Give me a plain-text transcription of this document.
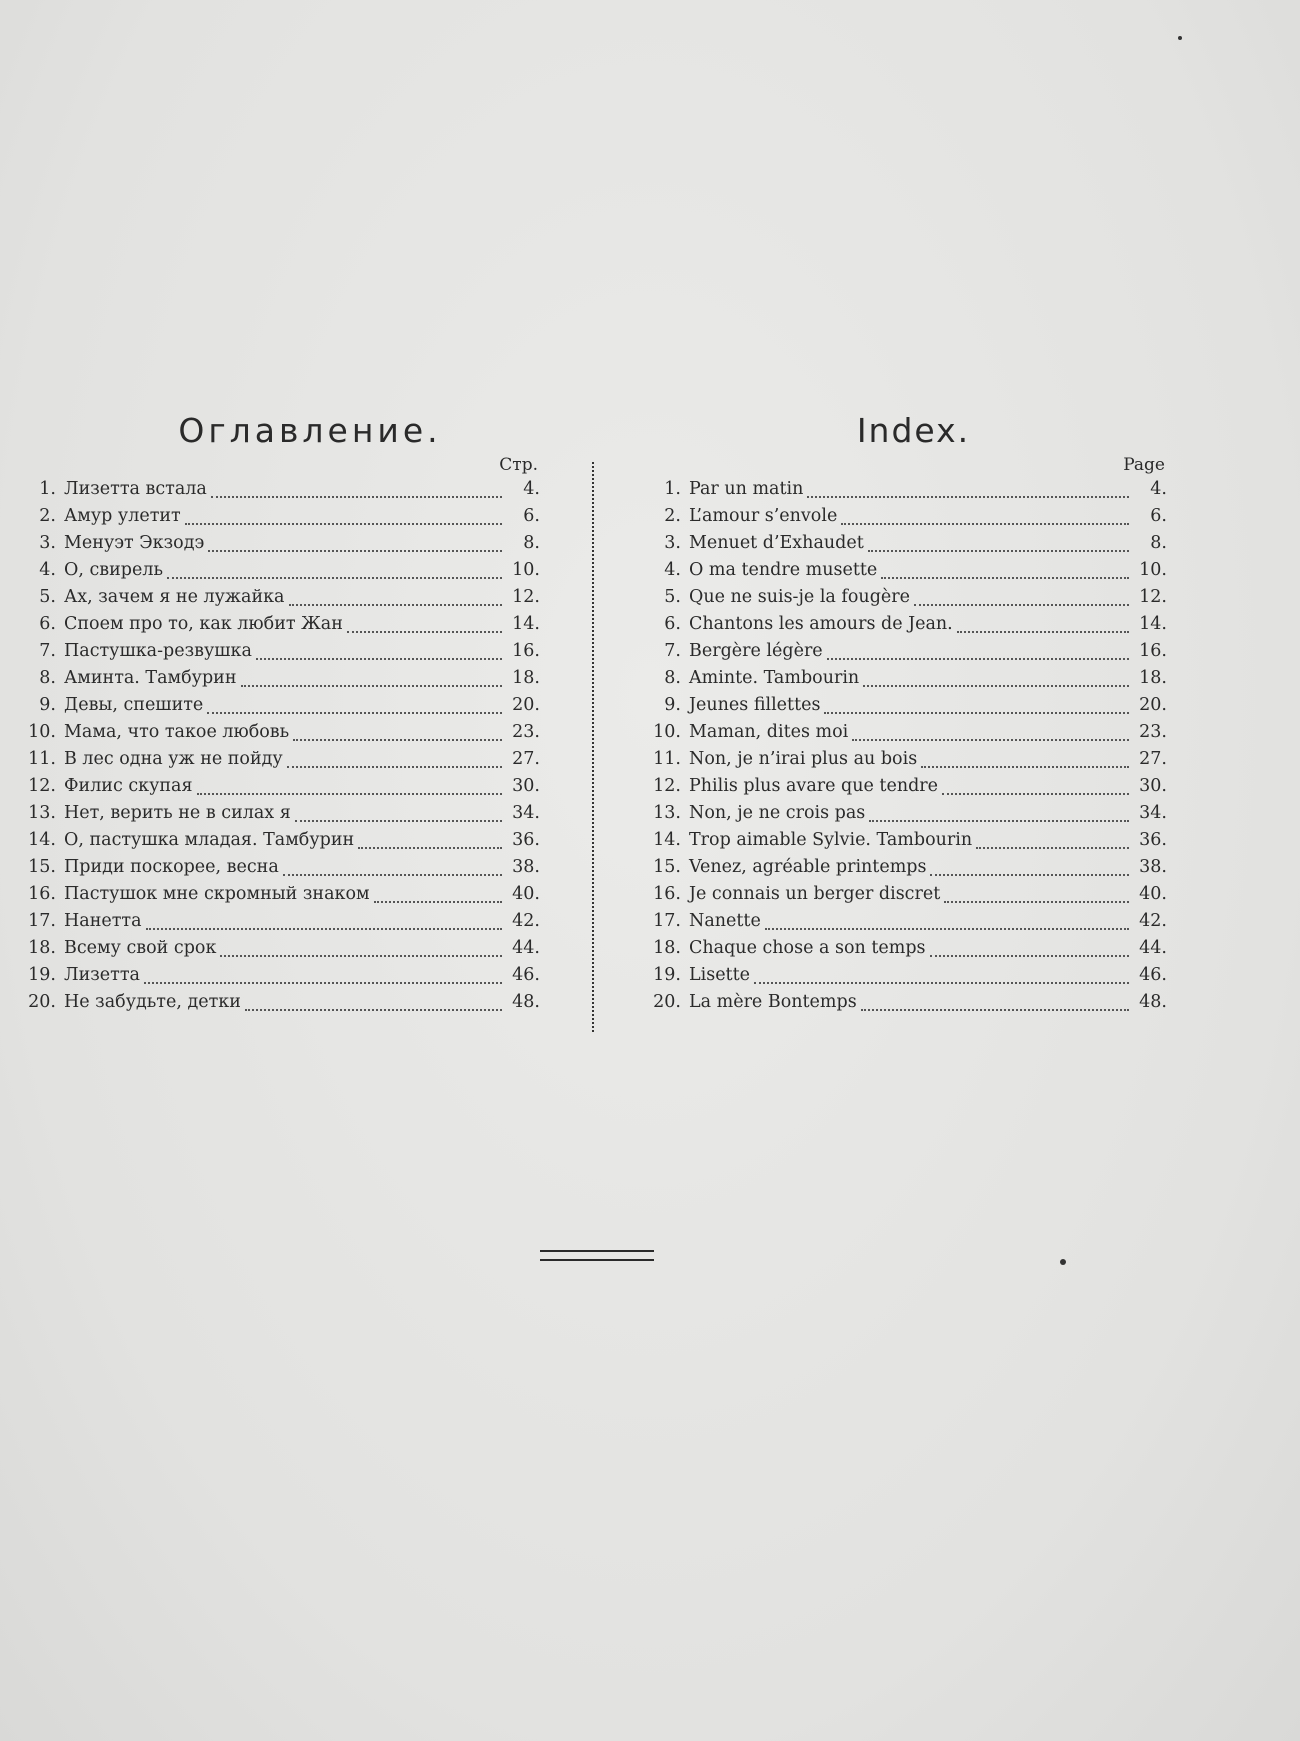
Оглавление.
Стр.
1. Лизетта встала	4.
2. Амур улетит	6.
3. Менуэт Экзодэ	8.
4. О, свирель	10.
5. Ах, зачем я не лужайка	12.
6. Споем про то, как любит Жан	14.
7. Пастушка-резвушка	16.
8. Аминта. Тамбурин	18.
9. Девы, спешите	20.
10. Мама, что такое любовь	23.
11. В лес одна уж не пойду	27.
12. Филис скупая	30.
13. Нет, верить не в силах я	34.
14. О, пастушка младая. Тамбурин	36.
15. Приди поскорее, весна	38.
16. Пастушок мне скромный знаком	40.
17. Нанетта	42.
18. Всему свой срок	44.
19. Лизетта	46.
20. Не забудьте, детки	48.
Index.
Page
1. Par un matin	4.
2. L’amour s’envole	6.
3. Menuet d’Exhaudet	8.
4. O ma tendre musette	10.
5. Que ne suis-je la fougère	12.
6. Chantons les amours de Jean.	14.
7. Bergère légère	16.
8. Aminte. Tambourin	18.
9. Jeunes fillettes	20.
10. Maman, dites moi	23.
11. Non, je n’irai plus au bois	27.
12. Philis plus avare que tendre	30.
13. Non, je ne crois pas	34.
14. Trop aimable Sylvie. Tambourin	36.
15. Venez, agréable printemps	38.
16. Je connais un berger discret	40.
17. Nanette	42.
18. Chaque chose a son temps	44.
19. Lisette	46.
20. La mère Bontemps	48.
